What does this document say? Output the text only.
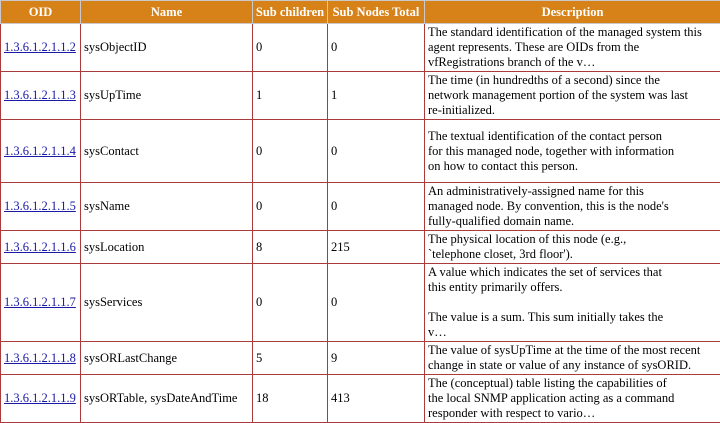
OID	Name	Sub children	Sub Nodes Total	Description
1.3.6.1.2.1.1.2	sysObjectID	0	0	The standard identification of the managed system this
agent represents. These are OIDs from the
vfRegistrations branch of the v…

1.3.6.1.2.1.1.3	sysUpTime	1	1	The time (in hundredths of a second) since the
network management portion of the system was last
re-initialized.

1.3.6.1.2.1.1.4	sysContact	0	0	The textual identification of the contact person
for this managed node, together with information
on how to contact this person.

1.3.6.1.2.1.1.5	sysName	0	0	An administratively-assigned name for this
managed node. By convention, this is the node's
fully-qualified domain name.

1.3.6.1.2.1.1.6	sysLocation	8	215	The physical location of this node (e.g.,
`telephone closet, 3rd floor').

1.3.6.1.2.1.1.7	sysServices	0	0	A value which indicates the set of services that
this entity primarily offers.

The value is a sum. This sum initially takes the
v…

1.3.6.1.2.1.1.8	sysORLastChange	5	9	The value of sysUpTime at the time of the most recent
change in state or value of any instance of sysORID.

1.3.6.1.2.1.1.9	sysORTable, sysDateAndTime	18	413	The (conceptual) table listing the capabilities of
the local SNMP application acting as a command
responder with respect to vario…
